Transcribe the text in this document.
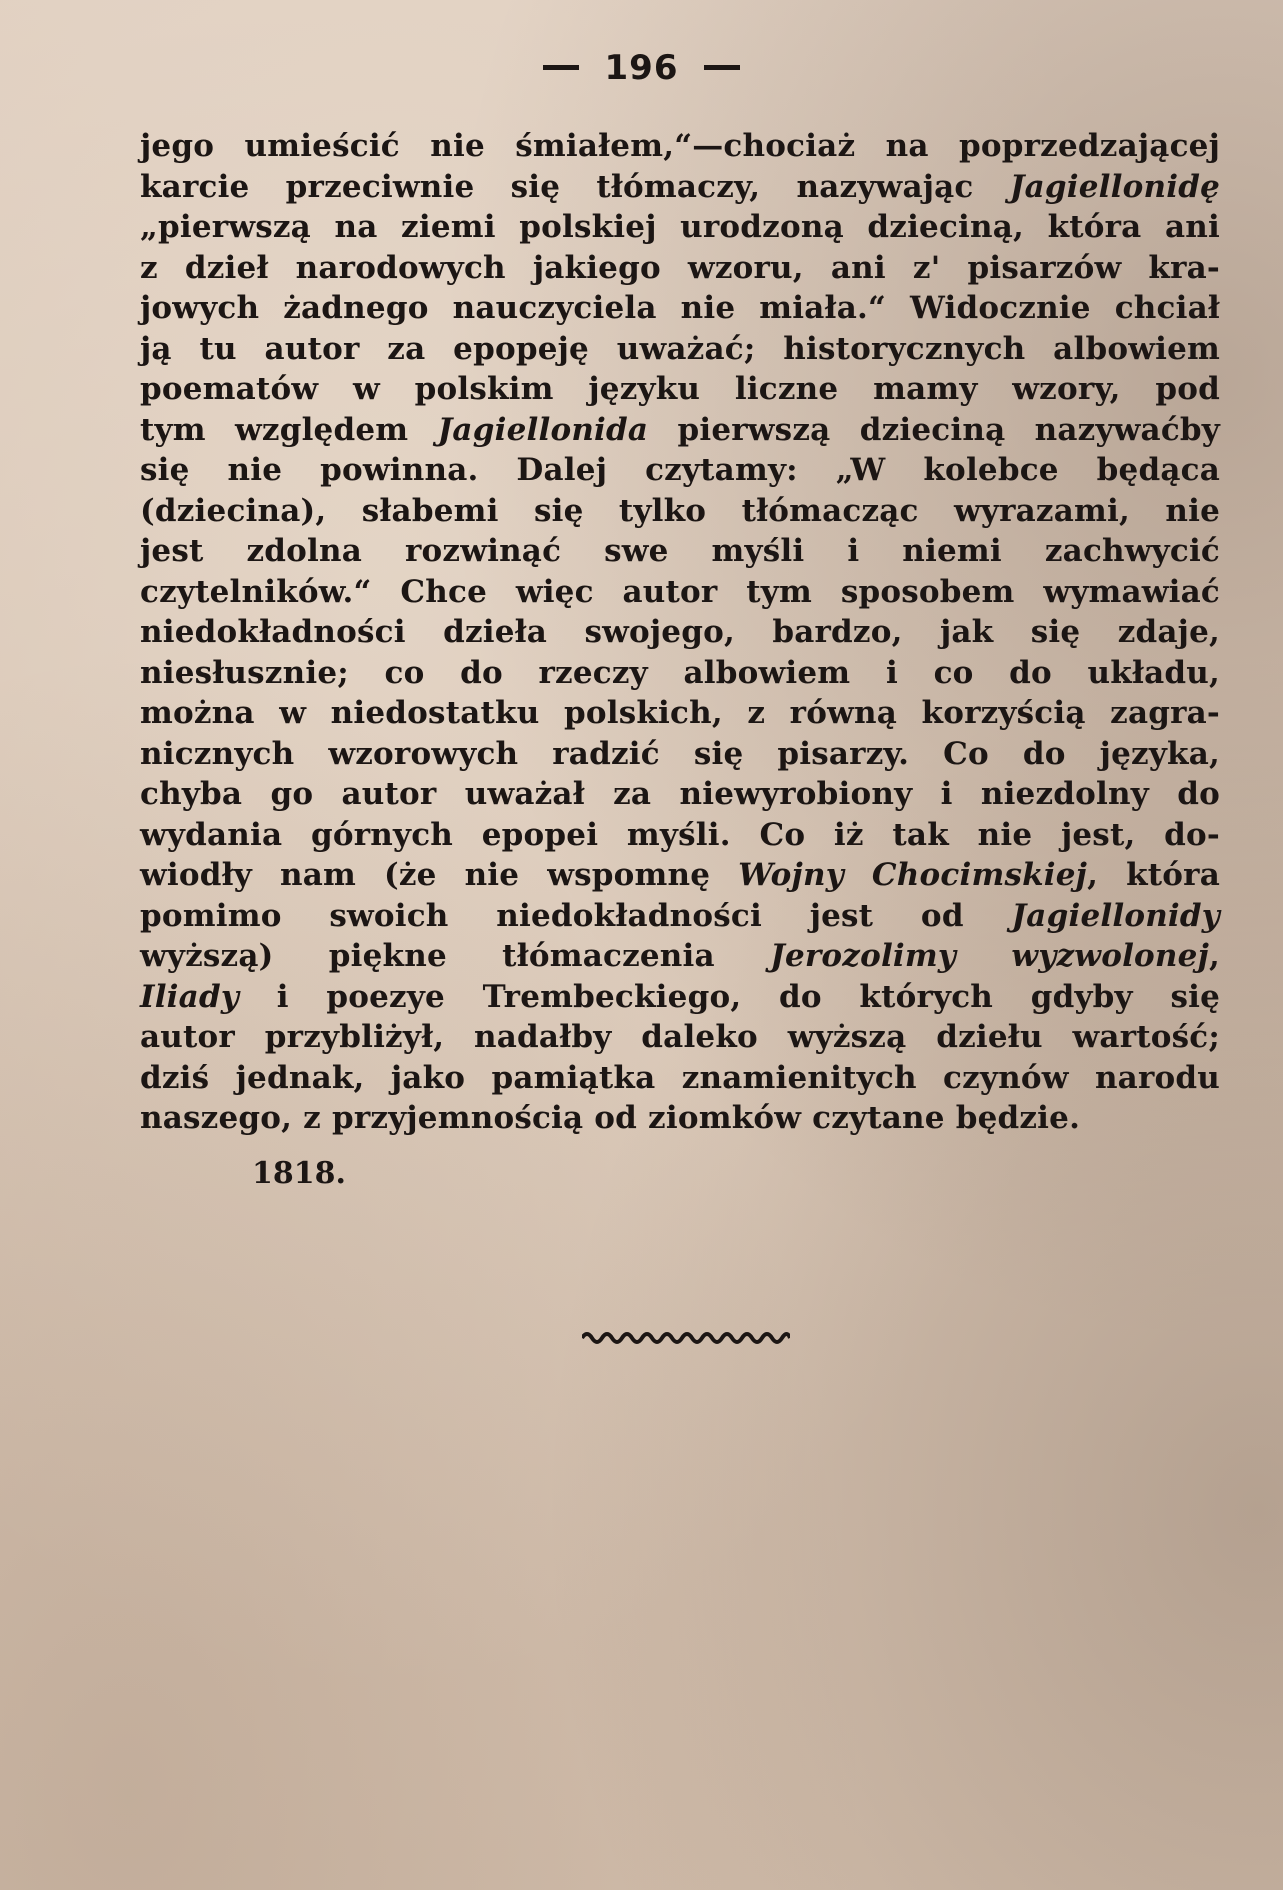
196
jego umieścić nie śmiałem,“—chociaż na poprzedzającej
karcie przeciwnie się tłómaczy, nazywając Jagiellonidę
„pierwszą na ziemi polskiej urodzoną dzieciną, która ani
z dzieł narodowych jakiego wzoru, ani z' pisarzów kra-
jowych żadnego nauczyciela nie miała.“ Widocznie chciał
ją tu autor za epopeję uważać; historycznych albowiem
poematów w polskim języku liczne mamy wzory, pod
tym względem Jagiellonida pierwszą dzieciną nazywaćby
się nie powinna. Dalej czytamy: „W kolebce będąca
(dziecina), słabemi się tylko tłómacząc wyrazami, nie
jest zdolna rozwinąć swe myśli i niemi zachwycić
czytelników.“ Chce więc autor tym sposobem wymawiać
niedokładności dzieła swojego, bardzo, jak się zdaje,
niesłusznie; co do rzeczy albowiem i co do układu,
można w niedostatku polskich, z równą korzyścią zagra-
nicznych wzorowych radzić się pisarzy. Co do języka,
chyba go autor uważał za niewyrobiony i niezdolny do
wydania górnych epopei myśli. Co iż tak nie jest, do-
wiodły nam (że nie wspomnę Wojny Chocimskiej, która
pomimo swoich niedokładności jest od Jagiellonidy
wyższą) piękne tłómaczenia Jerozolimy wyzwolonej,
Iliady i poezye Trembeckiego, do których gdyby się
autor przybliżył, nadałby daleko wyższą dziełu wartość;
dziś jednak, jako pamiątka znamienitych czynów narodu
naszego, z przyjemnością od ziomków czytane będzie.
1818.
